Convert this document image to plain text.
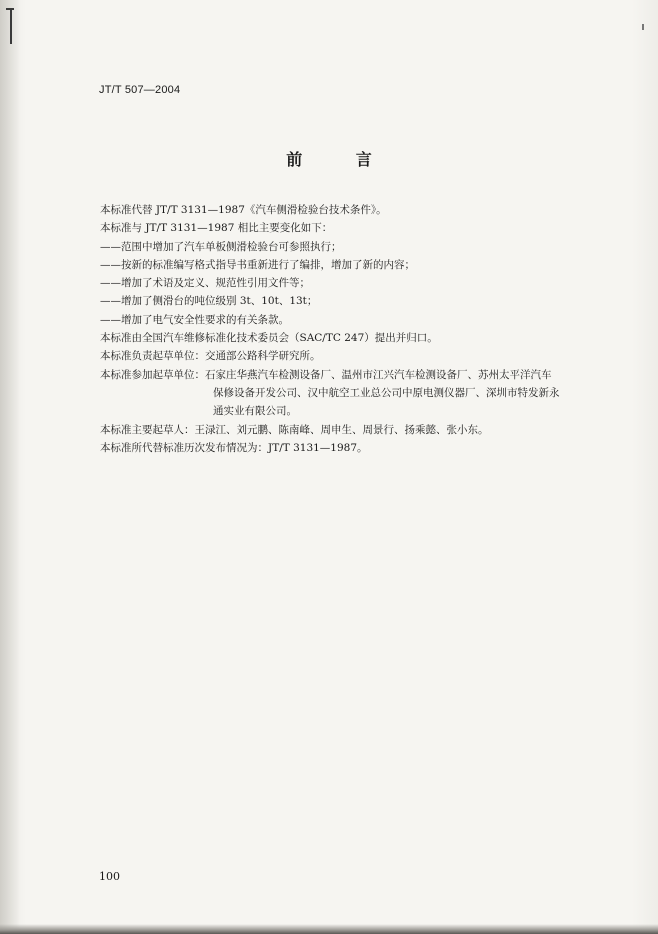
JT/T 507—2004
前 言
本标准代替 JT/T 3131—1987《汽车侧滑检验台技术条件》。
本标准与 JT/T 3131—1987 相比主要变化如下：
——范围中增加了汽车单板侧滑检验台可参照执行；
——按新的标准编写格式指导书重新进行了编排，增加了新的内容；
——增加了术语及定义、规范性引用文件等；
——增加了侧滑台的吨位级别 3t、10t、13t；
——增加了电气安全性要求的有关条款。
本标准由全国汽车维修标准化技术委员会（SAC/TC 247）提出并归口。
本标准负责起草单位：交通部公路科学研究所。
本标准参加起草单位：石家庄华燕汽车检测设备厂、温州市江兴汽车检测设备厂、苏州太平洋汽车
保修设备开发公司、汉中航空工业总公司中原电测仪器厂、深圳市特发新永
通实业有限公司。
本标准主要起草人：王渌江、刘元鹏、陈南峰、周申生、周景行、扬乘懿、张小东。
本标准所代替标准历次发布情况为：JT/T 3131—1987。
100
